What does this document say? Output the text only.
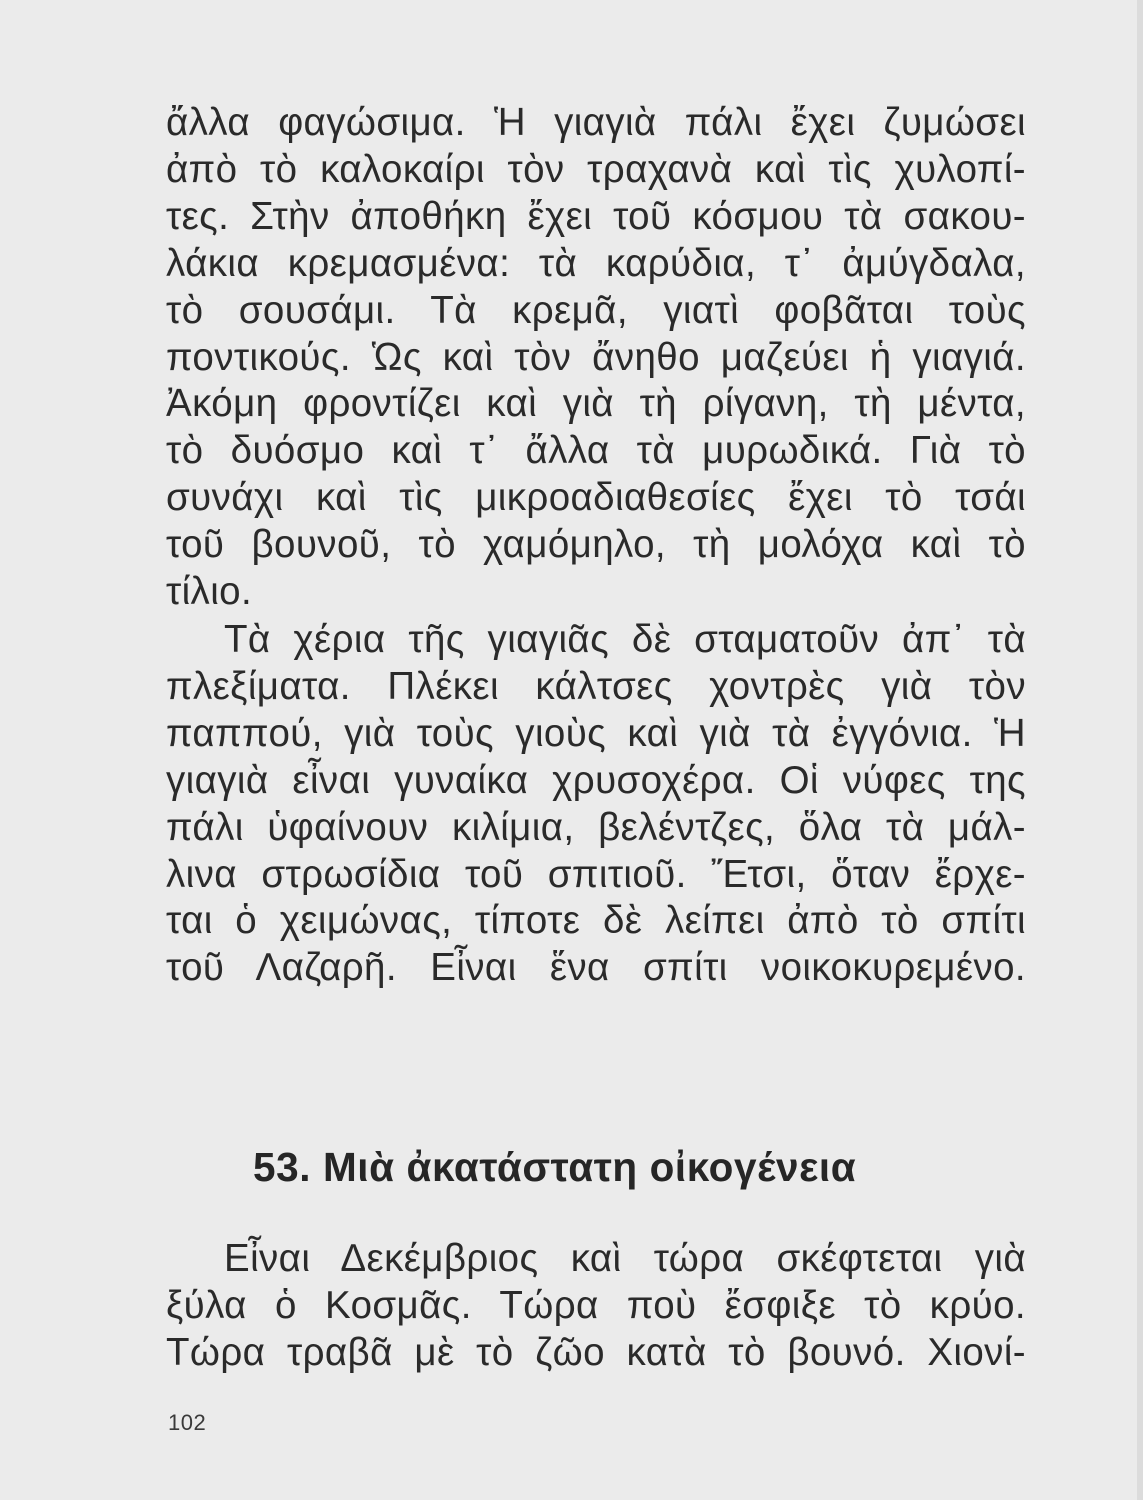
ἄλλα φαγώσιμα. Ἡ γιαγιὰ πάλι ἔχει ζυμώσει
ἀπὸ τὸ καλοκαίρι τὸν τραχανὰ καὶ τὶς χυλοπί-
τες. Στὴν ἀποθήκη ἔχει τοῦ κόσμου τὰ σακου-
λάκια κρεμασμένα: τὰ καρύδια, τ᾽ ἀμύγδαλα,
τὸ σουσάμι. Τὰ κρεμᾶ, γιατὶ φοβᾶται τοὺς
ποντικούς. Ὡς καὶ τὸν ἄνηθο μαζεύει ἡ γιαγιά.
Ἀκόμη φροντίζει καὶ γιὰ τὴ ρίγανη, τὴ μέντα,
τὸ δυόσμο καὶ τ᾽ ἄλλα τὰ μυρωδικά. Γιὰ τὸ
συνάχι καὶ τὶς μικροαδιαθεσίες ἔχει τὸ τσάι
τοῦ βουνοῦ, τὸ χαμόμηλο, τὴ μολόχα καὶ τὸ
τίλιο.
Τὰ χέρια τῆς γιαγιᾶς δὲ σταματοῦν ἀπ᾽ τὰ
πλεξίματα. Πλέκει κάλτσες χοντρὲς γιὰ τὸν
παππού, γιὰ τοὺς γιοὺς καὶ γιὰ τὰ ἐγγόνια. Ἡ
γιαγιὰ εἶναι γυναίκα χρυσοχέρα. Οἱ νύφες της
πάλι ὑφαίνουν κιλίμια, βελέντζες, ὅλα τὰ μάλ-
λινα στρωσίδια τοῦ σπιτιοῦ. Ἔτσι, ὅταν ἔρχε-
ται ὁ χειμώνας, τίποτε δὲ λείπει ἀπὸ τὸ σπίτι
τοῦ Λαζαρῆ. Εἶναι ἕνα σπίτι νοικοκυρεμένο.
53. Μιὰ ἀκατάστατη οἰκογένεια
Εἶναι Δεκέμβριος καὶ τώρα σκέφτεται γιὰ
ξύλα ὁ Κοσμᾶς. Τώρα ποὺ ἔσφιξε τὸ κρύο.
Τώρα τραβᾶ μὲ τὸ ζῶο κατὰ τὸ βουνό. Χιονί-
102
